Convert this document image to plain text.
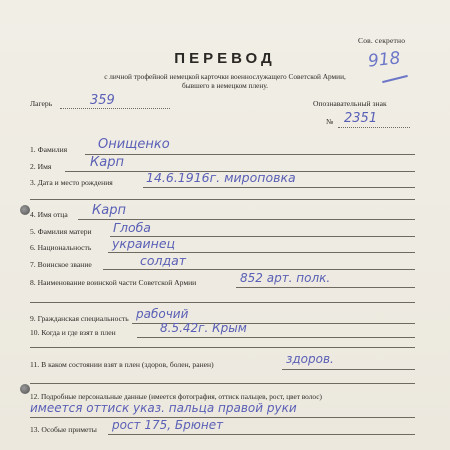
Сов. секретно
918
ПЕРЕВОД
с личной трофейной немецкой карточки военнослужащего Советской Армии,
бывшего в немецком плену.
Лагерь	359	Опознавательный знак
№ 2351
1. Фамилия Онищенко
2. Имя	Карп
3. Дата и место рождения	14.6.1916г. мироповка
4. Имя отца Карп
5. Фамилия матери Глоба
6. Национальность украинец
7. Воинское звание	солдат
8. Наименование воинской части Советской Армии	852 арт. полк.
9. Гражданская специальность рабочий
10. Когда и где взят в плен	8.5.42г. Крым
11. В каком состоянии взят в плен (здоров, болен, ранен)	здоров.
12. Подробные персональные данные (имеется фотография, оттиск пальцев, рост, цвет волос)
имеется оттиск указ. пальца правой руки
13. Особые приметы рост 175, Брюнет
